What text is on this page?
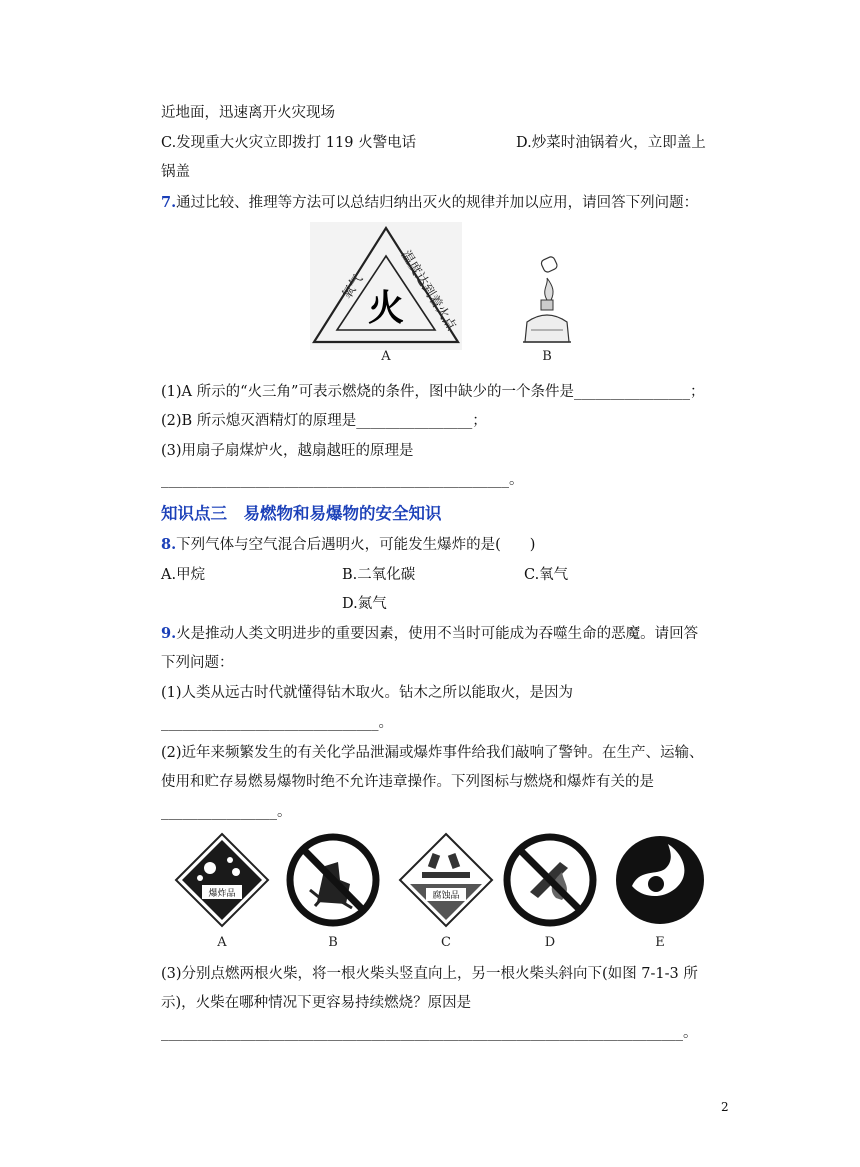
近地面，迅速离开火灾现场
C.发现重大火灾立即拨打 119 火警电话	D.炒菜时油锅着火，立即盖上
锅盖
7.通过比较、推理等方法可以总结归纳出灭火的规律并加以应用，请回答下列问题：
氧气 温度达到着火点
火
A	B
(1)A 所示的“火三角”可表示燃烧的条件，图中缺少的一个条件是________________；
(2)B 所示熄灭酒精灯的原理是________________；
(3)用扇子扇煤炉火，越扇越旺的原理是
________________________________________________。
知识点三　易燃物和易爆物的安全知识
8.下列气体与空气混合后遇明火，可能发生爆炸的是(　　)
A.甲烷	B.二氧化碳	C.氧气
D.氮气
9.火是推动人类文明进步的重要因素，使用不当时可能成为吞噬生命的恶魔。请回答
下列问题：
(1)人类从远古时代就懂得钻木取火。钻木之所以能取火，是因为
______________________________。
(2)近年来频繁发生的有关化学品泄漏或爆炸事件给我们敲响了警钟。在生产、运输、
使用和贮存易燃易爆物时绝不允许违章操作。下列图标与燃烧和爆炸有关的是
________________。
爆炸品
A	B
腐蚀品
C	D	E
(3)分别点燃两根火柴，将一根火柴头竖直向上，另一根火柴头斜向下(如图 7-1-3 所
示)，火柴在哪种情况下更容易持续燃烧？原因是
________________________________________________________________________。
2
